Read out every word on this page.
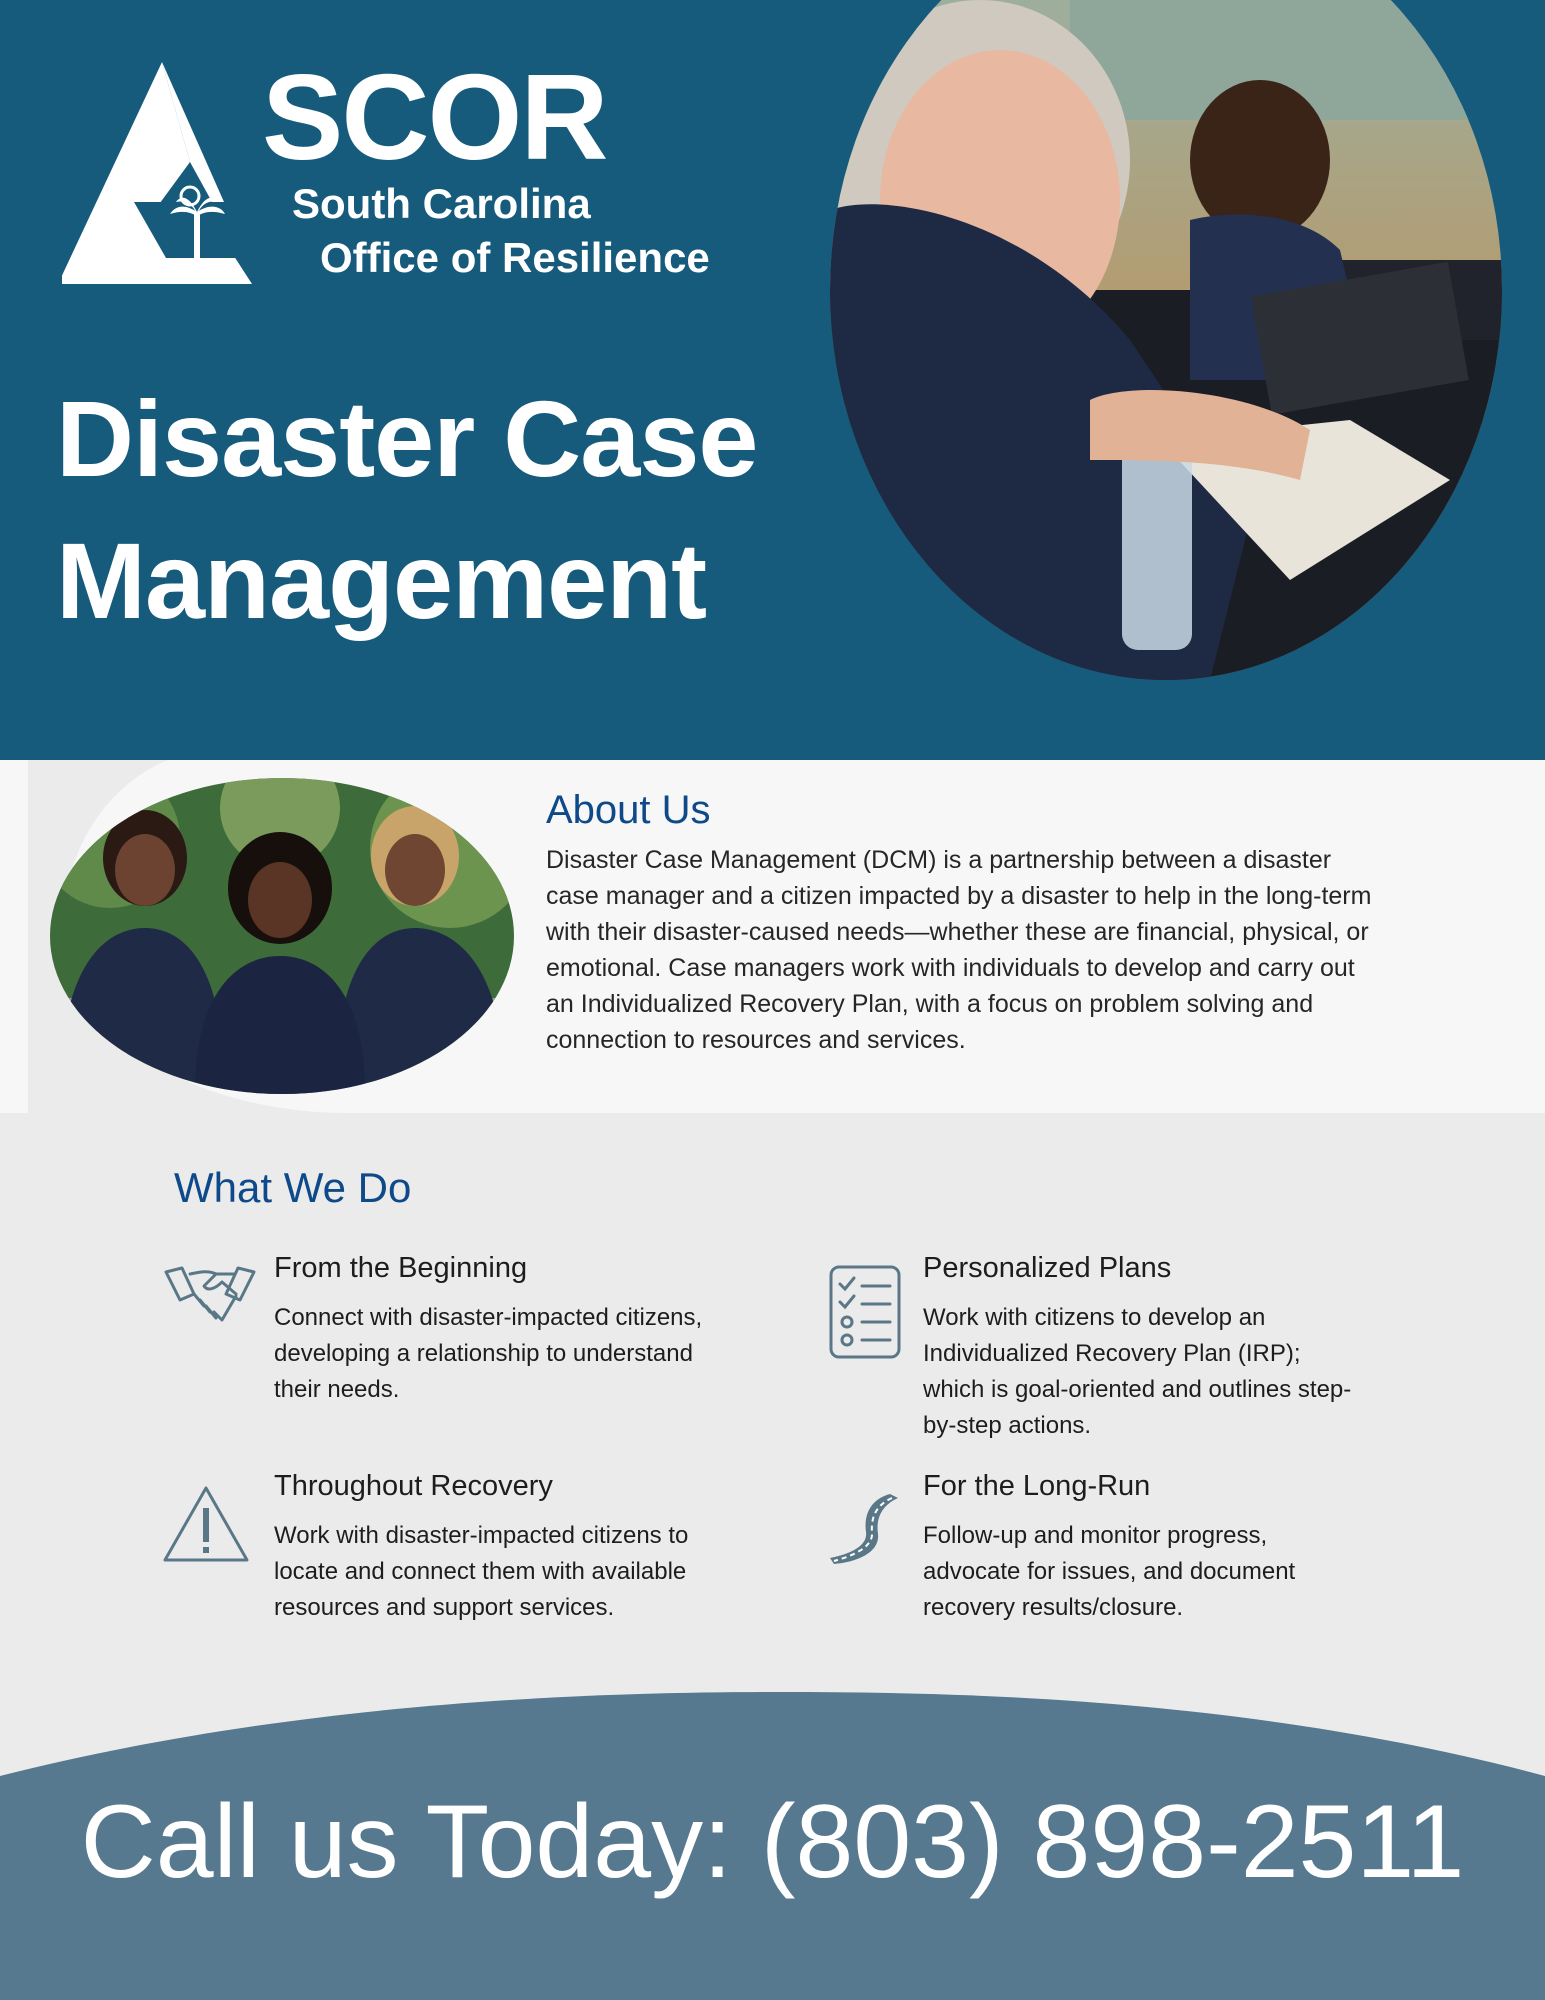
SCOR
South Carolina
Office of Resilience
Disaster Case
Management
About Us
Disaster Case Management (DCM) is a partnership between a disaster case manager and a citizen impacted by a disaster to help in the long-term with their disaster-caused needs—whether these are financial, physical, or emotional. Case managers work with individuals to develop and carry out an Individualized Recovery Plan, with a focus on problem solving and connection to resources and services.
What We Do
From the Beginning
Connect with disaster-impacted citizens, developing a relationship to understand their needs.
Personalized Plans
Work with citizens to develop an Individualized Recovery Plan (IRP); which is goal-oriented and outlines step-by-step actions.
Throughout Recovery
Work with disaster-impacted citizens to locate and connect them with available resources and support services.
For the Long-Run
Follow-up and monitor progress, advocate for issues, and document recovery results/closure.
Call us Today: (803) 898-2511
